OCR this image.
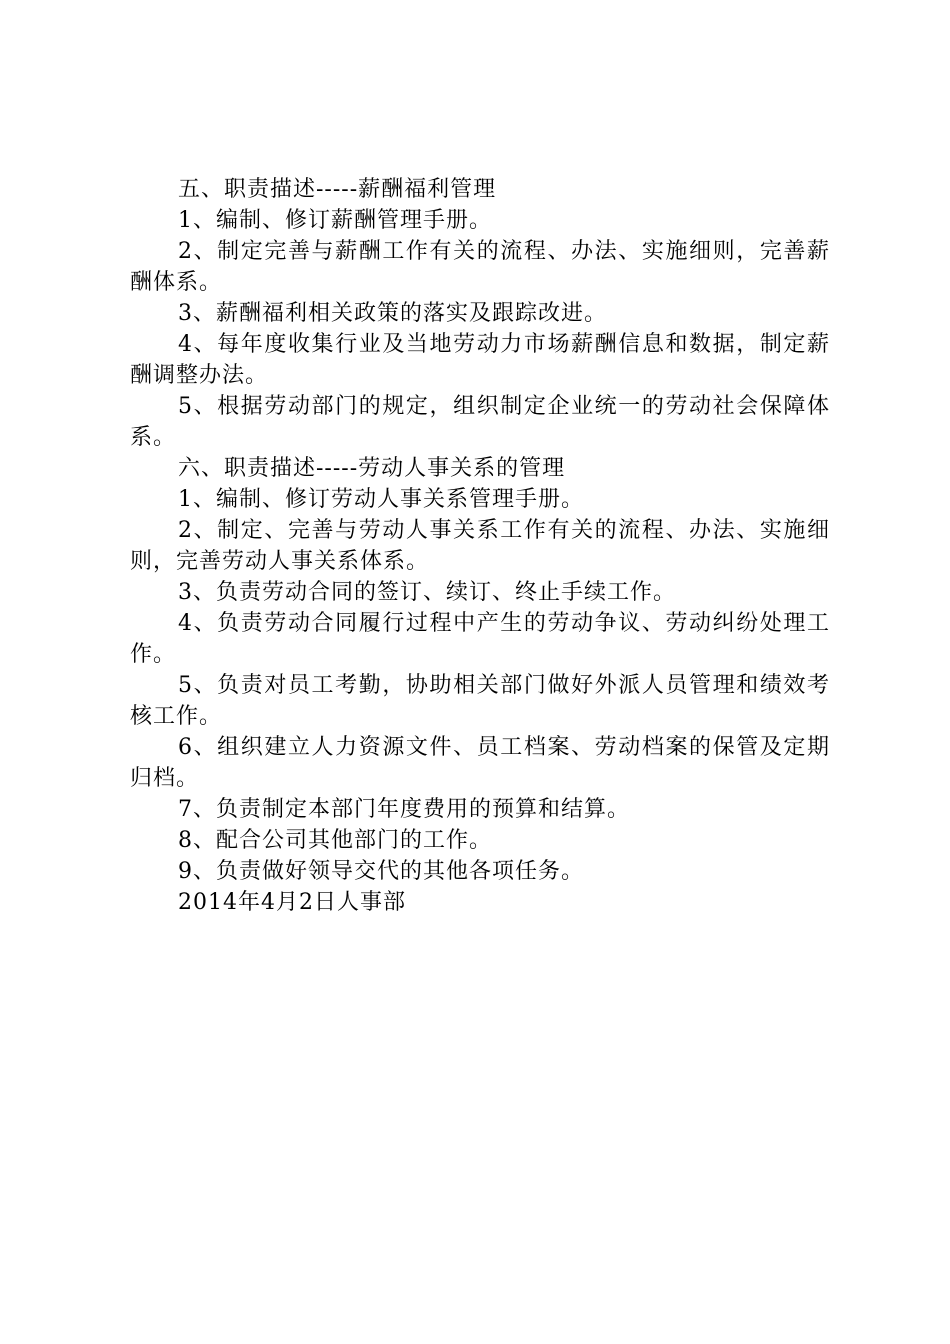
五、职责描述-----薪酬福利管理

1、编制、修订薪酬管理手册。

2、制定完善与薪酬工作有关的流程、办法、实施细则，完善薪酬体系。

3、薪酬福利相关政策的落实及跟踪改进。

4、每年度收集行业及当地劳动力市场薪酬信息和数据，制定薪酬调整办法。

5、根据劳动部门的规定，组织制定企业统一的劳动社会保障体系。

六、职责描述-----劳动人事关系的管理

1、编制、修订劳动人事关系管理手册。

2、制定、完善与劳动人事关系工作有关的流程、办法、实施细则，完善劳动人事关系体系。

3、负责劳动合同的签订、续订、终止手续工作。

4、负责劳动合同履行过程中产生的劳动争议、劳动纠纷处理工作。

5、负责对员工考勤，协助相关部门做好外派人员管理和绩效考核工作。

6、组织建立人力资源文件、员工档案、劳动档案的保管及定期归档。

7、负责制定本部门年度费用的预算和结算。

8、配合公司其他部门的工作。

9、负责做好领导交代的其他各项任务。

2014年4月2日人事部
